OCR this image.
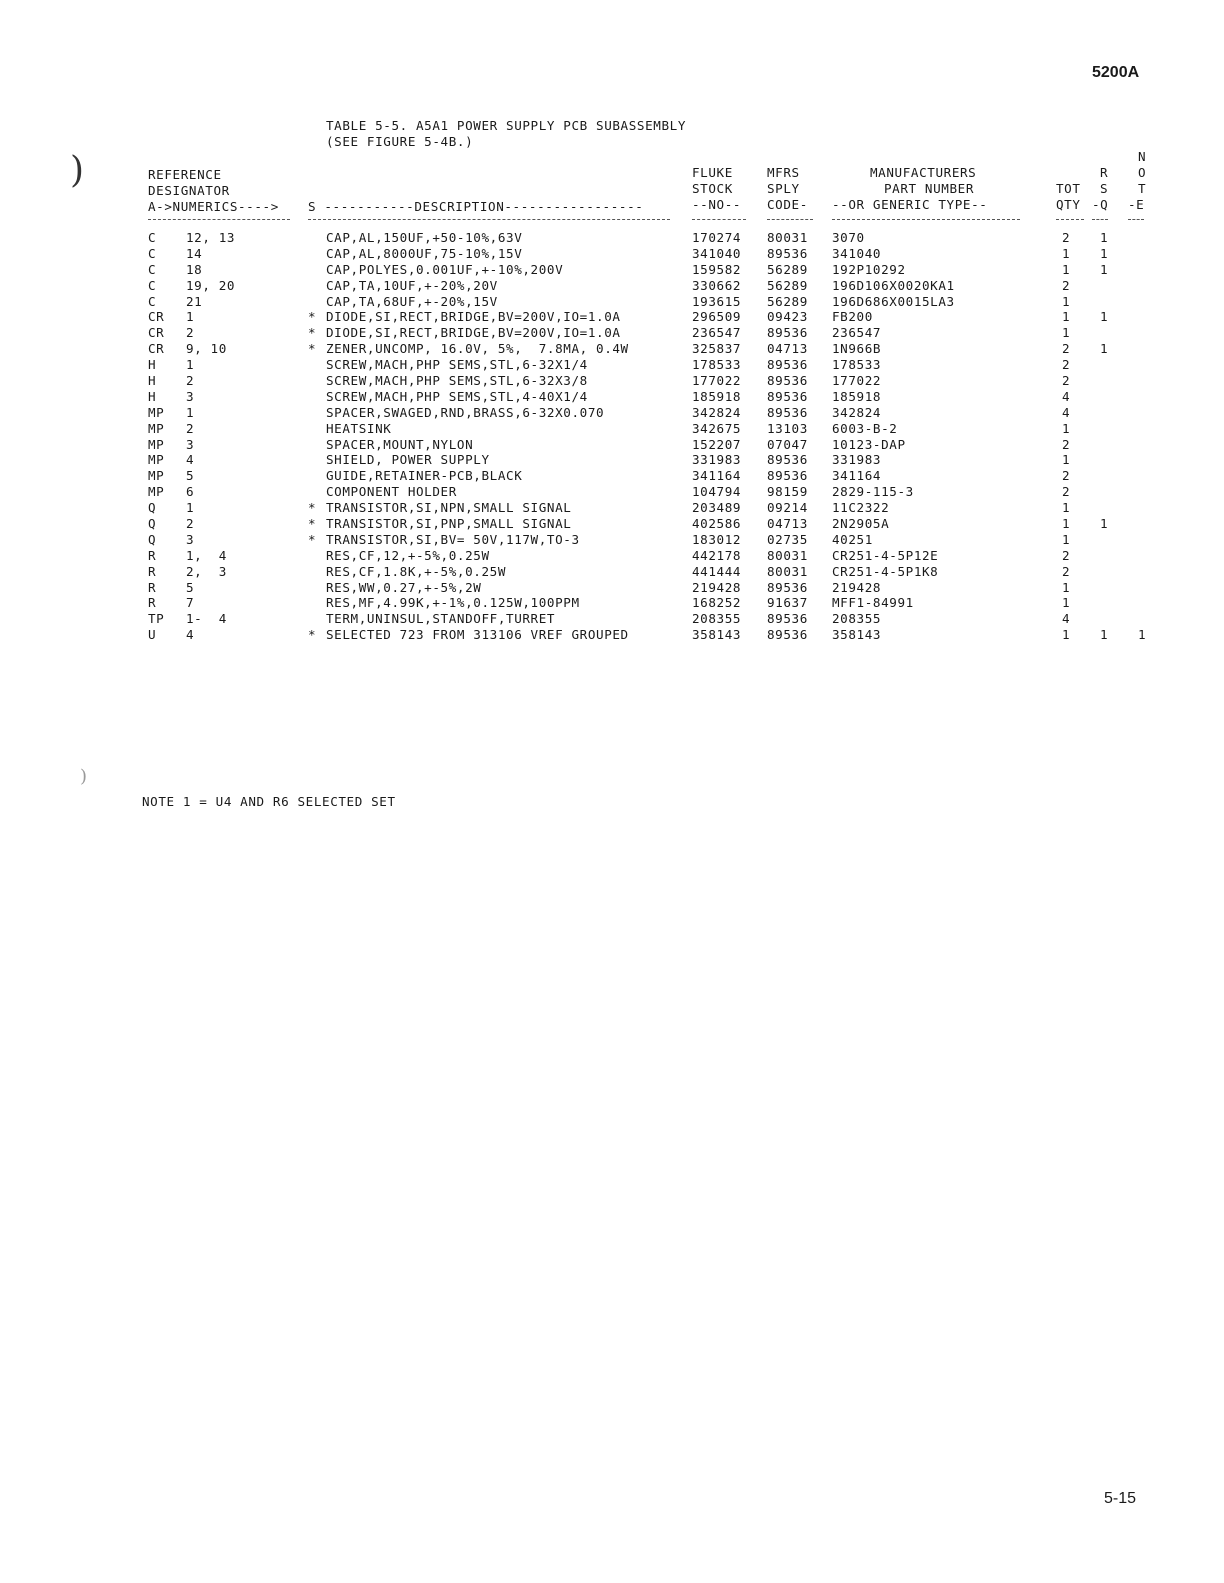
5200A
TABLE 5-5. A5A1 POWER SUPPLY PCB SUBASSEMBLY
(SEE FIGURE 5-4B.)
)
)
REFERENCE
DESIGNATOR
A->NUMERICS----> S -----------DESCRIPTION-----------------
FLUKE
STOCK
--NO--
MFRS
SPLY
CODE-
MANUFACTURERS
PART NUMBER
--OR GENERIC TYPE--
TOT
QTY
R
S
-Q
N
O
T
-E
C 12, 13	CAP,AL,150UF,+50-10%,63V	170274 80031 3070	2 1
C 14	CAP,AL,8000UF,75-10%,15V	341040 89536 341040	1 1
C 18	CAP,POLYES,0.001UF,+-10%,200V	159582 56289 192P10292	1 1
C 19, 20	CAP,TA,10UF,+-20%,20V	330662 56289 196D106X0020KA1	2
C 21	CAP,TA,68UF,+-20%,15V	193615 56289 196D686X0015LA3	1
CR 1	* DIODE,SI,RECT,BRIDGE,BV=200V,IO=1.0A	296509 09423 FB200	1 1
CR 2	* DIODE,SI,RECT,BRIDGE,BV=200V,IO=1.0A	236547 89536 236547	1
CR 9, 10	* ZENER,UNCOMP, 16.0V, 5%,  7.8MA, 0.4W	325837 04713 1N966B	2 1
H 1	SCREW,MACH,PHP SEMS,STL,6-32X1/4	178533 89536 178533	2
H 2	SCREW,MACH,PHP SEMS,STL,6-32X3/8	177022 89536 177022	2
H 3	SCREW,MACH,PHP SEMS,STL,4-40X1/4	185918 89536 185918	4
MP 1	SPACER,SWAGED,RND,BRASS,6-32X0.070	342824 89536 342824	4
MP 2	HEATSINK	342675 13103 6003-B-2	1
MP 3	SPACER,MOUNT,NYLON	152207 07047 10123-DAP	2
MP 4	SHIELD, POWER SUPPLY	331983 89536 331983	1
MP 5	GUIDE,RETAINER-PCB,BLACK	341164 89536 341164	2
MP 6	COMPONENT HOLDER	104794 98159 2829-115-3	2
Q 1	* TRANSISTOR,SI,NPN,SMALL SIGNAL	203489 09214 11C2322	1
Q 2	* TRANSISTOR,SI,PNP,SMALL SIGNAL	402586 04713 2N2905A	1 1
Q 3	* TRANSISTOR,SI,BV= 50V,117W,TO-3	183012 02735 40251	1
R 1,  4	RES,CF,12,+-5%,0.25W	442178 80031 CR251-4-5P12E	2
R 2,  3	RES,CF,1.8K,+-5%,0.25W	441444 80031 CR251-4-5P1K8	2
R 5	RES,WW,0.27,+-5%,2W	219428 89536 219428	1
R 7	RES,MF,4.99K,+-1%,0.125W,100PPM	168252 91637 MFF1-84991	1
TP 1-  4	TERM,UNINSUL,STANDOFF,TURRET	208355 89536 208355	4
U 4	* SELECTED 723 FROM 313106 VREF GROUPED	358143 89536 358143	1 1 1
NOTE 1 = U4 AND R6 SELECTED SET
5-15
